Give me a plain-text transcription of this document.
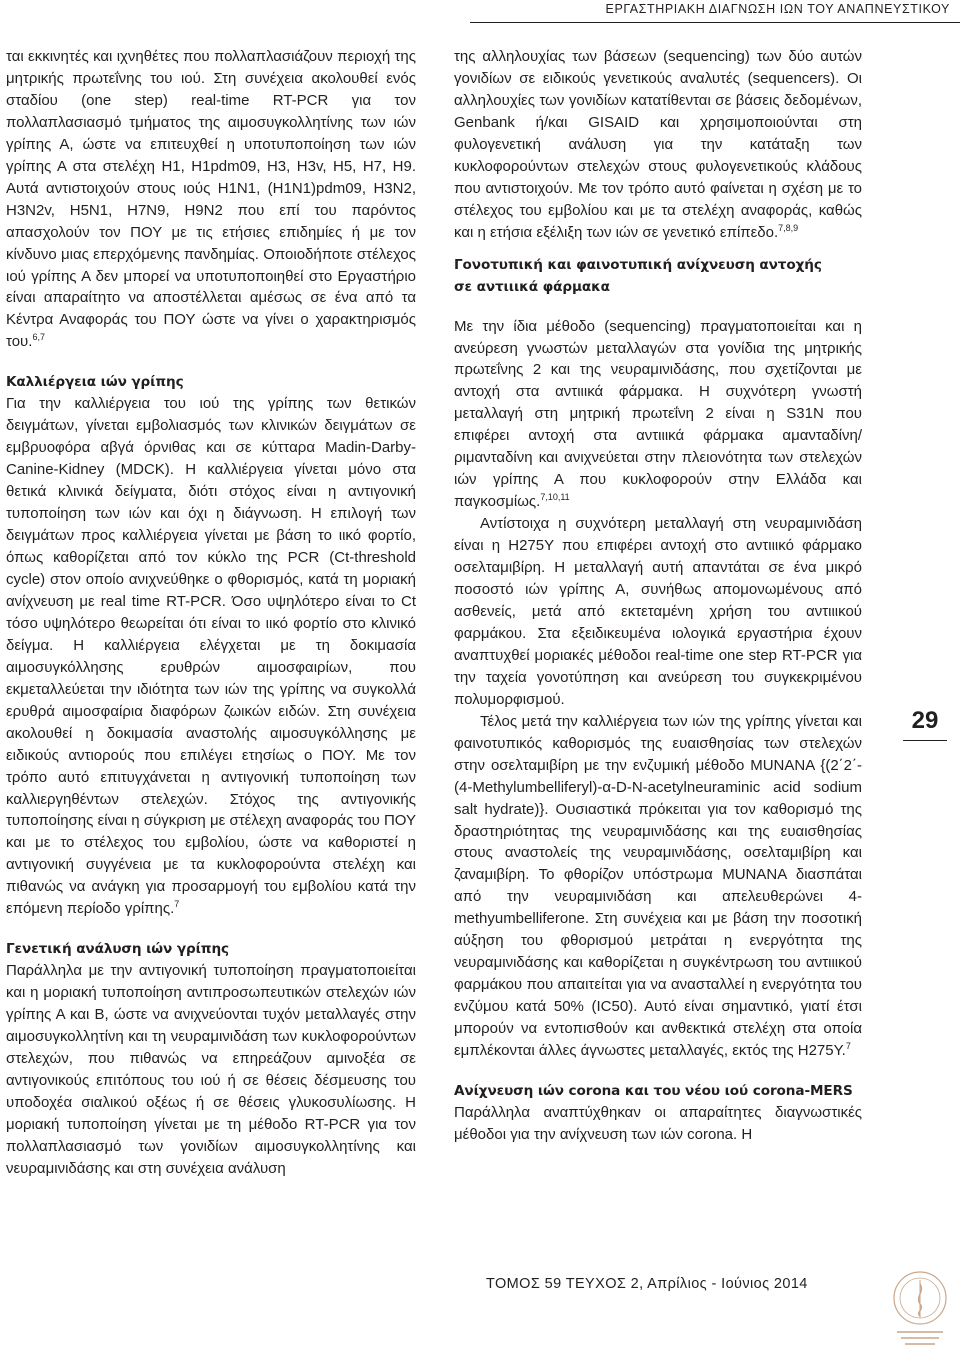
ΕΡΓΑΣΤΗΡΙΑΚΗ ΔΙΑΓΝΩΣΗ ΙΩΝ ΤΟΥ ΑΝΑΠΝΕΥΣΤΙΚΟΥ

ται εκκινητές και ιχνηθέτες που πολλαπλασιάζουν περιοχή της μητρικής πρωτεΐνης του ιού. Στη συνέχεια ακολουθεί ενός σταδίου (one step) real-time RT-PCR για τον πολλαπλασιασμό τμήματος της αιμοσυγκολλητίνης των ιών γρίπης Α, ώστε να επιτευχθεί η υποτυποποίηση των ιών γρίπης Α στα στελέχη Η1, H1pdm09, Η3, Η3v, Η5, Η7, Η9. Αυτά αντιστοιχούν στους ιούς Η1Ν1, (Η1Ν1)pdm09, Η3Ν2, Η3Ν2v, Η5Ν1, Η7Ν9, Η9Ν2 που επί του παρόντος απασχολούν τον ΠΟΥ με τις ετήσιες επιδημίες ή με τον κίνδυνο μιας επερχόμενης πανδημίας. Οποιοδήποτε στέλεχος ιού γρίπης Α δεν μπορεί να υποτυποποιηθεί στο Εργαστήριο είναι απαραίτητο να αποστέλλεται αμέσως σε ένα από τα Κέντρα Αναφοράς του ΠΟΥ ώστε να γίνει ο χαρακτηρισμός του.$^{6,7}$

Καλλιέργεια ιών γρίπης

Για την καλλιέργεια του ιού της γρίπης των θετικών δειγμάτων, γίνεται εμβολιασμός των κλινικών δειγμάτων σε εμβρυοφόρα αβγά όρνιθας και σε κύτταρα Madin-Darby-Canine-Kidney (MDCK). Η καλλιέργεια γίνεται μόνο στα θετικά κλινικά δείγματα, διότι στόχος είναι η αντιγονική τυποποίηση των ιών και όχι η διάγνωση. Η επιλογή των δειγμάτων προς καλλιέργεια γίνεται με βάση το ιικό φορτίο, όπως καθορίζεται από τον κύκλο της PCR (Ct-threshold cycle) στον οποίο ανιχνεύθηκε ο φθορισμός, κατά τη μοριακή ανίχνευση με real time RT-PCR. Όσο υψηλότερο είναι το Ct τόσο υψηλότερο θεωρείται ότι είναι το ιικό φορτίο στο κλινικό δείγμα. Η καλλιέργεια ελέγχεται με τη δοκιμασία αιμοσυγκόλλησης ερυθρών αιμοσφαιρίων, που εκμεταλλεύεται την ιδιότητα των ιών της γρίπης να συγκολλά ερυθρά αιμοσφαίρια διαφόρων ζωικών ειδών. Στη συνέχεια ακολουθεί η δοκιμασία αναστολής αιμοσυγκόλλησης με ειδικούς αντιορούς που επιλέγει ετησίως ο ΠΟΥ. Με τον τρόπο αυτό επιτυγχάνεται η αντιγονική τυποποίηση των καλλιεργηθέντων στελεχών. Στόχος της αντιγονικής τυποποίησης είναι η σύγκριση με στέλεχη αναφοράς του ΠΟΥ και με το στέλεχος του εμβολίου, ώστε να καθοριστεί η αντιγονική συγγένεια με τα κυκλοφορούντα στελέχη και πιθανώς να ανάγκη για προσαρμογή του εμβολίου κατά την επόμενη περίοδο γρίπης.$^7$

Γενετική ανάλυση ιών γρίπης

Παράλληλα με την αντιγονική τυποποίηση πραγματοποιείται και η μοριακή τυποποίηση αντιπροσωπευτικών στελεχών ιών γρίπης Α και Β, ώστε να ανιχνεύονται τυχόν μεταλλαγές στην αιμοσυγκολλητίνη και τη νευραμινιδάση των κυκλοφορούντων στελεχών, που πιθανώς να επηρεάζουν αμινοξέα σε αντιγονικούς επιτόπους του ιού ή σε θέσεις δέσμευσης του υποδοχέα σιαλικού οξέως ή σε θέσεις γλυκοσυλίωσης. Η μοριακή τυποποίηση γίνεται με τη μέθοδο RT-PCR για τον πολλαπλασιασμό των γονιδίων αιμοσυγκολλητίνης και νευραμινιδάσης και στη συνέχεια ανάλυση

της αλληλουχίας των βάσεων (sequencing) των δύο αυτών γονιδίων σε ειδικούς γενετικούς αναλυτές (sequencers). Οι αλληλουχίες των γονιδίων κατατίθενται σε βάσεις δεδομένων, Genbank ή/και GISAID και χρησιμοποιούνται στη φυλογενετική ανάλυση για την κατάταξη των κυκλοφορούντων στελεχών στους φυλογενετικούς κλάδους που αντιστοιχούν. Με τον τρόπο αυτό φαίνεται η σχέση με το στέλεχος του εμβολίου και με τα στελέχη αναφοράς, καθώς και η ετήσια εξέλιξη των ιών σε γενετικό επίπεδο.$^{7,8,9}$

Γονοτυπική και φαινοτυπική ανίχνευση αντοχής
σε αντιιικά φάρμακα

Με την ίδια μέθοδο (sequencing) πραγματοποιείται και η ανεύρεση γνωστών μεταλλαγών στα γονίδια της μητρικής πρωτεΐνης 2 και της νευραμινιδάσης, που σχετίζονται με αντοχή στα αντιιικά φάρμακα. Η συχνότερη γνωστή μεταλλαγή στη μητρική πρωτεΐνη 2 είναι η S31N που επιφέρει αντοχή στα αντιιικά φάρμακα αμανταδίνη/ριμανταδίνη και ανιχνεύεται στην πλειονότητα των στελεχών ιών γρίπης Α που κυκλοφορούν στην Ελλάδα και παγκοσμίως.$^{7,10,11}$

Αντίστοιχα η συχνότερη μεταλλαγή στη νευραμινιδάση είναι η H275Y που επιφέρει αντοχή στο αντιιικό φάρμακο οσελταμιβίρη. Η μεταλλαγή αυτή απαντάται σε ένα μικρό ποσοστό ιών γρίπης Α, συνήθως απομονωμένους από ασθενείς, μετά από εκτεταμένη χρήση του αντιιικού φαρμάκου. Στα εξειδικευμένα ιολογικά εργαστήρια έχουν αναπτυχθεί μοριακές μέθοδοι real-time one step RT-PCR για την ταχεία γονοτύπηση και ανεύρεση του συγκεκριμένου πολυμορφισμού.

Τέλος μετά την καλλιέργεια των ιών της γρίπης γίνεται και φαινοτυπικός καθορισμός της ευαισθησίας των στελεχών στην οσελταμιβίρη με την ενζυμική μέθοδο MUNANA {(2΄2΄-(4-Methylumbelliferyl)-α-D-N-acetylneuraminic acid sodium salt hydrate)}. Ουσιαστικά πρόκειται για τον καθορισμό της δραστηριότητας της νευραμινιδάσης και της ευαισθησίας στους αναστολείς της νευραμινιδάσης, οσελταμιβίρη και ζαναμιβίρη. Το φθορίζον υπόστρωμα MUNANA διασπάται από την νευραμινιδάση και απελευθερώνει 4-methyumbelliferone. Στη συνέχεια και με βάση την ποσοτική αύξηση του φθορισμού μετράται η ενεργότητα της νευραμινιδάσης και καθορίζεται η συγκέντρωση του αντιιικού φαρμάκου που απαιτείται για να ανασταλλεί η ενεργότητα του ενζύμου κατά 50% (IC50). Αυτό είναι σημαντικό, γιατί έτσι μπορούν να εντοπισθούν και ανθεκτικά στελέχη στα οποία εμπλέκονται άλλες άγνωστες μεταλλαγές, εκτός της H275Y.$^7$

Ανίχνευση ιών corona και του νέου ιού corona-MERS

Παράλληλα αναπτύχθηκαν οι απαραίτητες διαγνωστικές μέθοδοι για την ανίχνευση των ιών corona. Η

29
ΤΟΜΟΣ 59 ΤΕΥΧΟΣ 2, Απρίλιος - Ιούνιος 2014
